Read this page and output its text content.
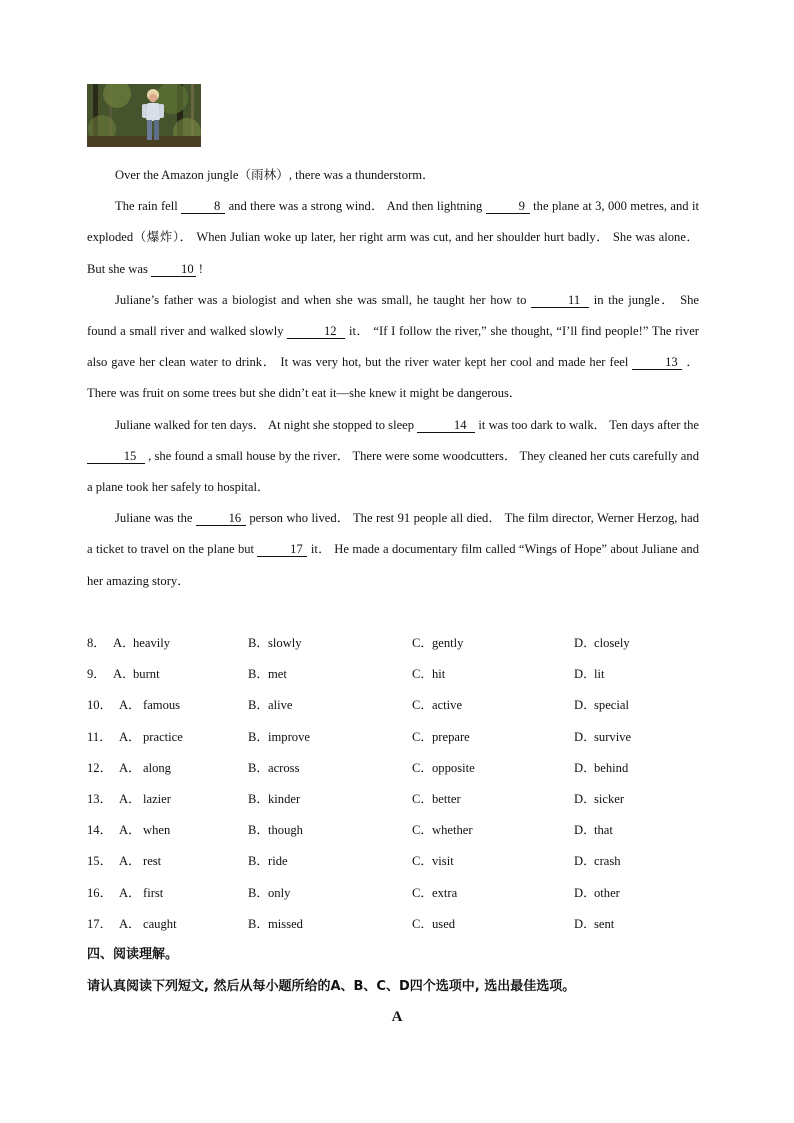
Over the Amazon jungle（雨林）, there was a thunderstorm．

The rain fell	8 and there was a strong wind． And then lightning	9 the plane at 3, 000 metres, and it exploded（爆炸）． When Julian woke up later, her right arm was cut, and her shoulder hurt badly． She was alone． But she was 10 !

Juliane’s father was a biologist and when she was small, he taught her how to	11 in the jungle． She found a small river and walked slowly	12 it． “If I follow the river,” she thought, “I’ll find people!” The river also gave her clean water to drink． It was very hot, but the river water kept her cool and made her feel	13 ． There was fruit on some trees but she didn’t eat it—she knew it might be dangerous．

Juliane walked for ten days． At night she stopped to sleep	14 it was too dark to walk． Ten days after the 15 , she found a small house by the river． There were some woodcutters． They cleaned her cuts carefully and a plane took her safely to hospital．

Juliane was the	16 person who lived． The rest 91 people all died． The film director, Werner Herzog, had a ticket to travel on the plane but	17 it． He made a documentary film called “Wings of Hope” about Juliane and her amazing story．

8． A．heavily	B．slowly	C．gently	D．closely
9． A．burnt	B．met	C．hit	D．lit
10． A． famous	B．alive	C．active	D．special
11． A． practice	B．improve	C．prepare	D．survive
12． A． along	B．across	C．opposite	D．behind
13． A． lazier	B．kinder	C．better	D．sicker
14． A． when	B．though	C．whether	D．that
15． A． rest	B．ride	C．visit	D．crash
16． A． first	B．only	C．extra	D．other
17． A． caught	B．missed	C．used	D．sent
四、阅读理解。
请认真阅读下列短文, 然后从每小题所给的A、B、C、D四个选项中, 选出最佳选项。
A
